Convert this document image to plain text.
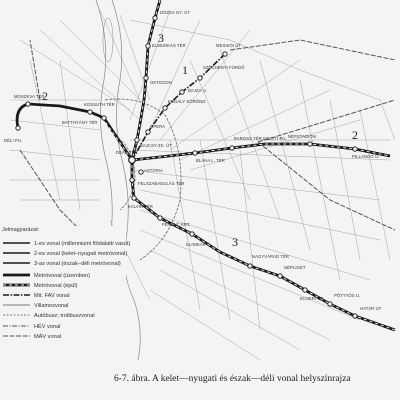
DÓZSA GY. ÚT
ELMUNKÁS TÉR	MEXIKÓI ÚT
SZÉCHENYI FÜRDŐ
BAJZA U.
KODÁLY KÖRÖND
OKTOGON
OPERA
BAJCSY-ZS. ÚT
MOSZKVA TÉR
BATTHYÁNY TÉR
KOSSUTH TÉR
DÉLI PU.
DEÁK TÉR
BLAHA L. TÉR
BAROSS TÉR KELETI PU. NÉPSTADION
PILLANGÓ U.
FELSZABADULÁS TÉR
ASTORIA
KÁLVIN TÉR
FERENC KRT.
KLINIKÁK
NAGYVÁRAD TÉR
NÉPLIGET
ECSERI ÚT
PÖTTYÖS U.
HATÁR ÚT
3
1
2
2
3
Jelmagyarázat:
1-es vonal (millenniumi földalatti vasút)
2-es vonal (kelet–nyugati metróvonal)
3-as vonal (észak–déli metróvonal)
Metróvonal (üzemben)
Metróvonal (épül)
Mit. FAV vonal
Villamosvonal
Autóbusz; trolibuszvonal
HÉV vonal
MÁV vonal
6-7. ábra. A kelet—nyugati és észak—déli vonal helyszínrajza
